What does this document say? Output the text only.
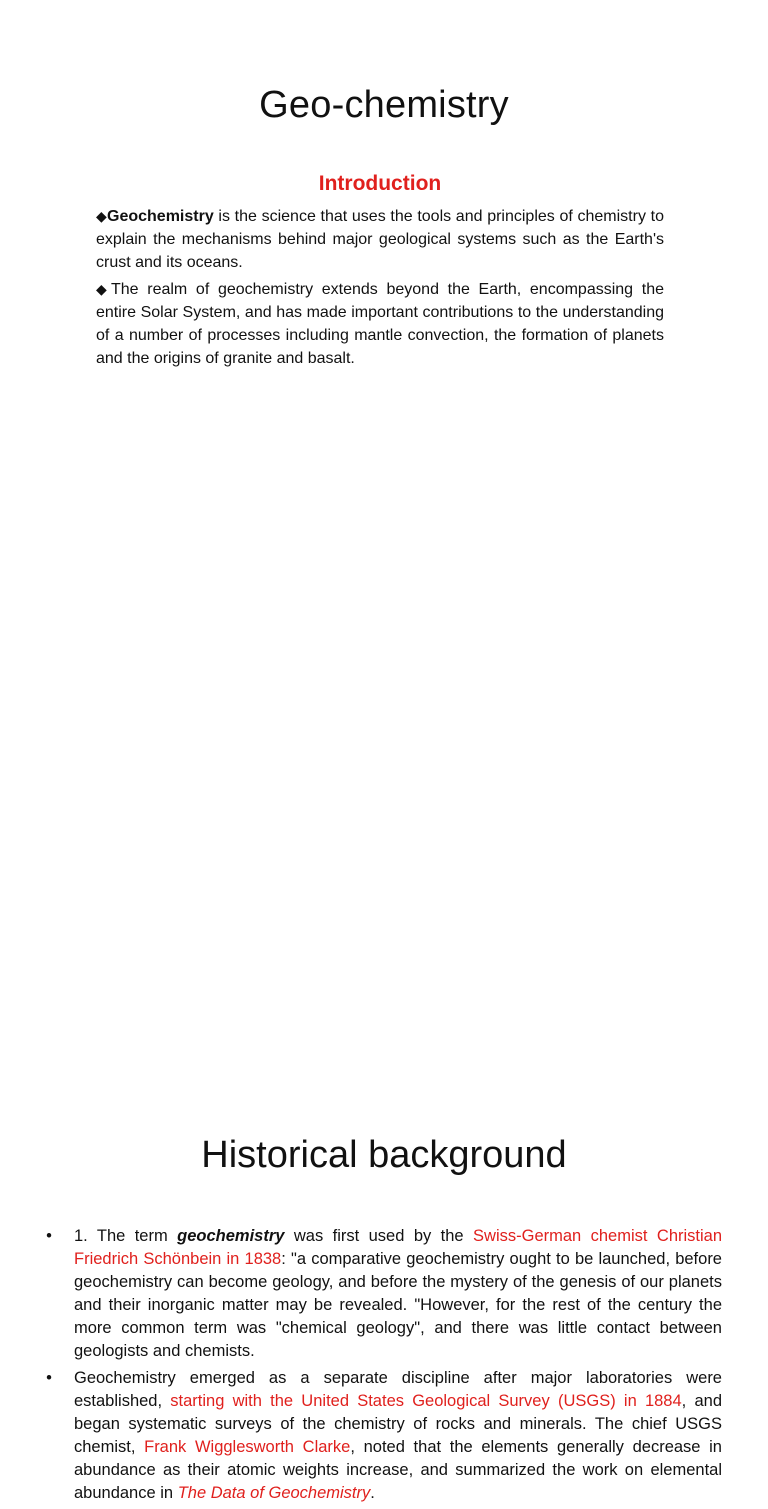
Geo-chemistry
Introduction

◆Geochemistry is the science that uses the tools and principles of chemistry to explain the mechanisms behind major geological systems such as the Earth's crust and its oceans.

◆The realm of geochemistry extends beyond the Earth, encompassing the entire Solar System, and has made important contributions to the understanding of a number of processes including mantle convection, the formation of planets and the origins of granite and basalt.

Historical background
• 1. The term geochemistry was first used by the Swiss-German chemist Christian Friedrich Schönbein in 1838: "a comparative geochemistry ought to be launched, before geochemistry can become geology, and before the mystery of the genesis of our planets and their inorganic matter may be revealed. "However, for the rest of the century the more common term was "chemical geology", and there was little contact between geologists and chemists.
• Geochemistry emerged as a separate discipline after major laboratories were established, starting with the United States Geological Survey (USGS) in 1884, and began systematic surveys of the chemistry of rocks and minerals. The chief USGS chemist, Frank Wigglesworth Clarke, noted that the elements generally decrease in abundance as their atomic weights increase, and summarized the work on elemental abundance in The Data of Geochemistry.
